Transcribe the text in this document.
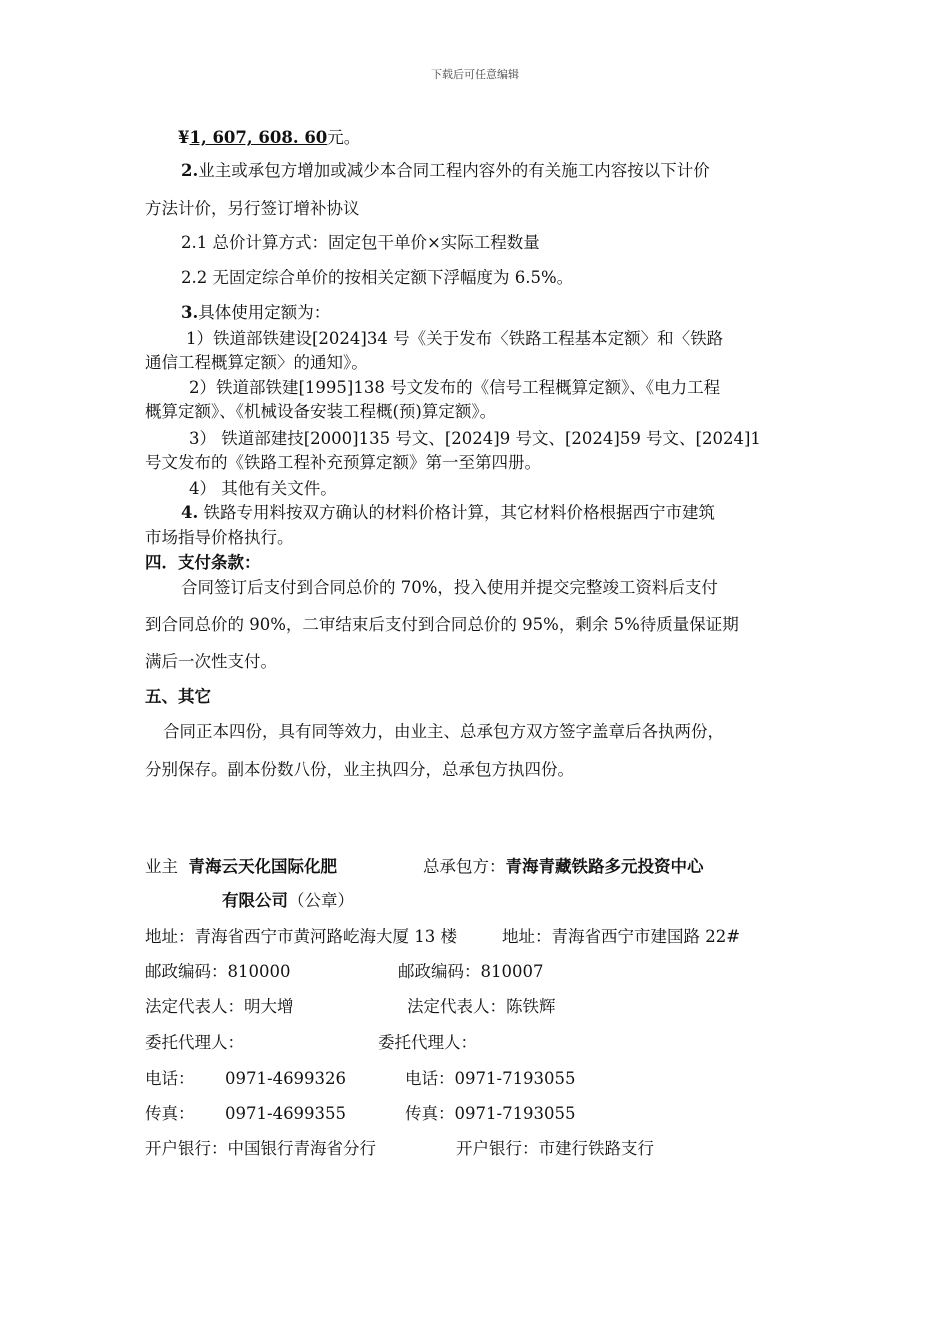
下载后可任意编辑
¥1, 607, 608. 60元。
2.业主或承包方增加或减少本合同工程内容外的有关施工内容按以下计价
方法计价，另行签订增补协议
2.1 总价计算方式：固定包干单价×实际工程数量
2.2 无固定综合单价的按相关定额下浮幅度为 6.5%。
3.具体使用定额为：
1）铁道部铁建设[2024]34 号《关于发布〈铁路工程基本定额〉和〈铁路
通信工程概算定额〉的通知》。
2）铁道部铁建[1995]138 号文发布的《信号工程概算定额》、《电力工程
概算定额》、《机械设备安装工程概(预)算定额》。
3） 铁道部建技[2000]135 号文、[2024]9 号文、[2024]59 号文、[2024]1
号文发布的《铁路工程补充预算定额》第一至第四册。
4） 其他有关文件。
4. 铁路专用料按双方确认的材料价格计算，其它材料价格根据西宁市建筑
市场指导价格执行。
四．支付条款：
合同签订后支付到合同总价的 70%，投入使用并提交完整竣工资料后支付
到合同总价的 90%，二审结束后支付到合同总价的 95%，剩余 5%待质量保证期
满后一次性支付。
五、其它
合同正本四份，具有同等效力，由业主、总承包方双方签字盖章后各执两份，
分别保存。副本份数八份，业主执四分，总承包方执四份。
业主 青海云天化国际化肥	总承包方：青海青藏铁路多元投资中心
有限公司（公章）
地址：青海省西宁市黄河路屹海大厦 13 楼	地址：青海省西宁市建国路 22#
邮政编码：810000	邮政编码：810007
法定代表人：明大增	法定代表人：陈铁辉
委托代理人：	委托代理人：
电话： 0971-4699326	电话：0971-7193055
传真： 0971-4699355	传真：0971-7193055
开户银行：中国银行青海省分行	开户银行：市建行铁路支行
